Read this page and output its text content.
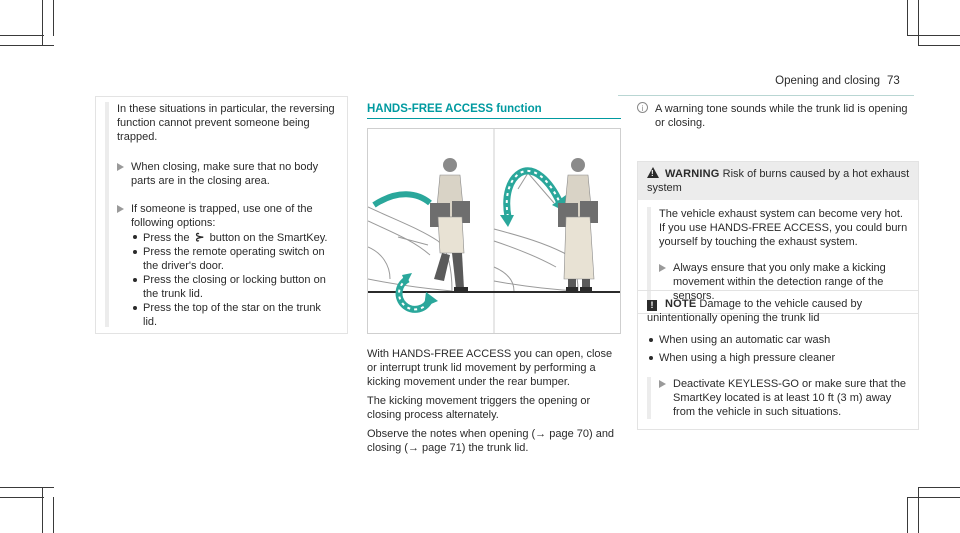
Opening and closing 73

In these situations in particular, the reversing function cannot prevent someone being trapped.

When closing, make sure that no body parts are in the closing area.

If someone is trapped, use one of the following options:

Press the ⊱ button on the SmartKey.
Press the remote operating switch on the driver's door.
Press the closing or locking button on the trunk lid.
Press the top of the star on the trunk lid.
HANDS-FREE ACCESS function

With HANDS-FREE ACCESS you can open, close or interrupt trunk lid movement by performing a kicking movement under the rear bumper.

The kicking movement triggers the opening or closing process alternately.

Observe the notes when opening (→ page 70) and closing (→ page 71) the trunk lid.

i	A warning tone sounds while the trunk lid is opening or closing.

! WARNING Risk of burns caused by a hot exhaust system

The vehicle exhaust system can become very hot. If you use HANDS-FREE ACCESS, you could burn yourself by touching the exhaust system.

Always ensure that you only make a kicking movement within the detection range of the sensors.

! NOTE Damage to the vehicle caused by unintentionally opening the trunk lid
When using an automatic car wash
When using a high pressure cleaner

Deactivate KEYLESS-GO or make sure that the SmartKey located is at least 10 ft (3 m) away from the vehicle in such situations.
